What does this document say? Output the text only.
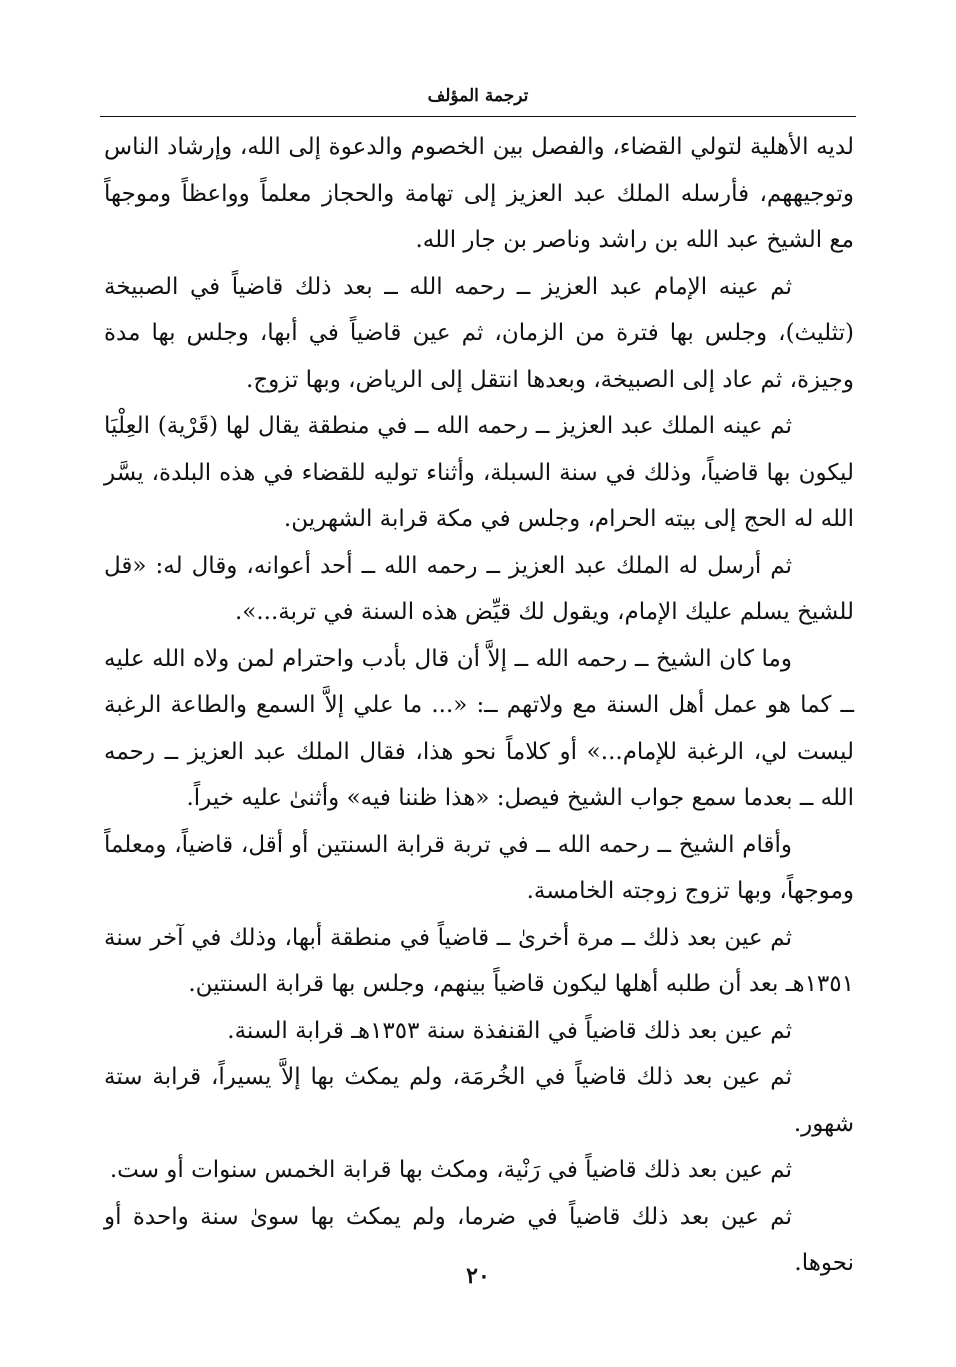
ترجمة المؤلف

لديه الأهلية لتولي القضاء، والفصل بين الخصوم والدعوة إلى الله، وإرشاد الناس وتوجيههم، فأرسله الملك عبد العزيز إلى تهامة والحجاز معلماً وواعظاً وموجهاً مع الشيخ عبد الله بن راشد وناصر بن جار الله.

ثم عينه الإمام عبد العزيز ــ رحمه الله ــ بعد ذلك قاضياً في الصبيخة (تثليث)، وجلس بها فترة من الزمان، ثم عين قاضياً في أبها، وجلس بها مدة وجيزة، ثم عاد إلى الصبيخة، وبعدها انتقل إلى الرياض، وبها تزوج.

ثم عينه الملك عبد العزيز ــ رحمه الله ــ في منطقة يقال لها (قَرْية) العِلْيَا ليكون بها قاضياً، وذلك في سنة السبلة، وأثناء توليه للقضاء في هذه البلدة، يسَّر الله له الحج إلى بيته الحرام، وجلس في مكة قرابة الشهرين.

ثم أرسل له الملك عبد العزيز ــ رحمه الله ــ أحد أعوانه، وقال له: «قل للشيخ يسلم عليك الإمام، ويقول لك قيِّض هذه السنة في تربة...».

وما كان الشيخ ــ رحمه الله ــ إلاَّ أن قال بأدب واحترام لمن ولاه الله عليه ــ كما هو عمل أهل السنة مع ولاتهم ــ: «... ما علي إلاَّ السمع والطاعة الرغبة ليست لي، الرغبة للإمام...» أو كلاماً نحو هذا، فقال الملك عبد العزيز ــ رحمه الله ــ بعدما سمع جواب الشيخ فيصل: «هذا ظننا فيه» وأثنىٰ عليه خيراً.

وأقام الشيخ ــ رحمه الله ــ في تربة قرابة السنتين أو أقل، قاضياً، ومعلماً وموجهاً، وبها تزوج زوجته الخامسة.

ثم عين بعد ذلك ــ مرة أخرىٰ ــ قاضياً في منطقة أبها، وذلك في آخر سنة ١٣٥١هـ بعد أن طلبه أهلها ليكون قاضياً بينهم، وجلس بها قرابة السنتين.

ثم عين بعد ذلك قاضياً في القنفذة سنة ١٣٥٣هـ قرابة السنة.

ثم عين بعد ذلك قاضياً في الخُرمَة، ولم يمكث بها إلاَّ يسيراً، قرابة ستة شهور.

ثم عين بعد ذلك قاضياً في رَنْية، ومكث بها قرابة الخمس سنوات أو ست.

ثم عين بعد ذلك قاضياً في ضرما، ولم يمكث بها سوىٰ سنة واحدة أو نحوها.

٢٠
